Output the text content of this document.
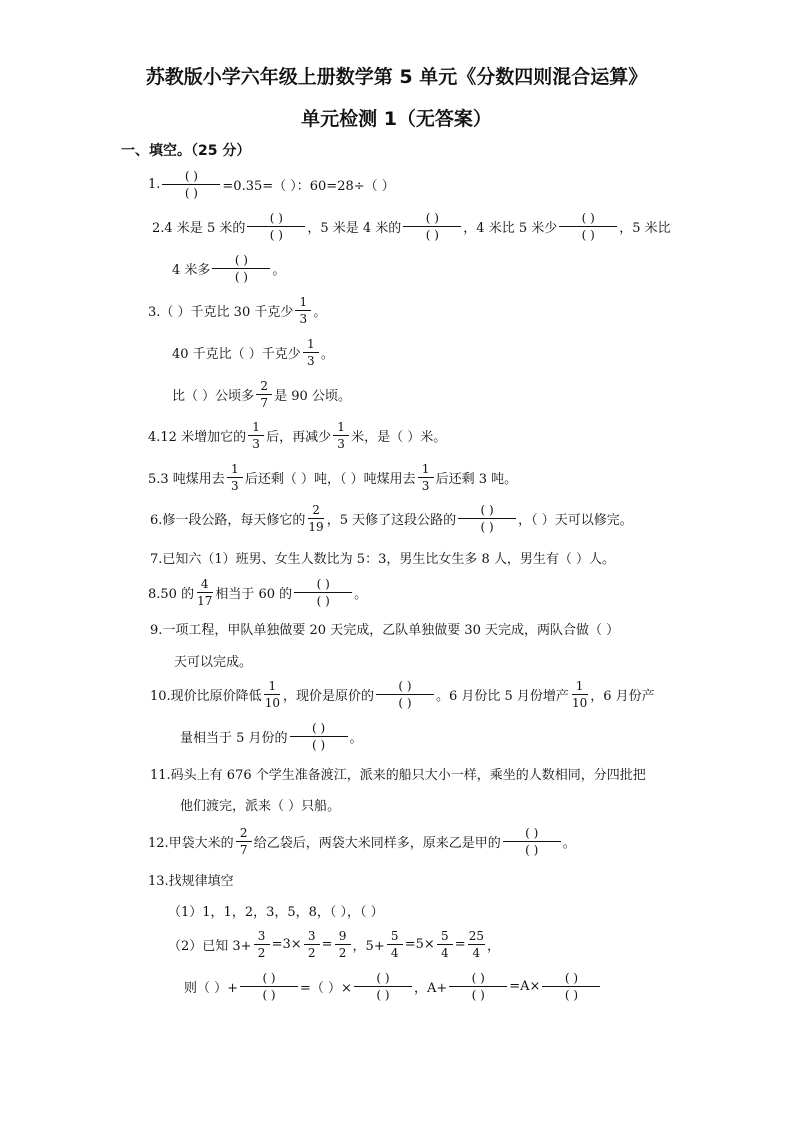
苏教版小学六年级上册数学第 5 单元《分数四则混合运算》
单元检测 1（无答案）
一、填空。（25 分）
1. $\frac{( )}{( )} =0.35=$（ ）：60=28÷（ ）
2.4 米是 5 米的 $\frac{( )}{( )}$ ，5 米是 4 米的 $\frac{( )}{( )}$ ，4 米比 5 米少 $\frac{( )}{( )}$ ，5 米比
4 米多 $\frac{( )}{( )}$ 。
3.（ ）千克比 30 千克少 $\frac{1}{3}$ 。
40 千克比（ ）千克少 $\frac{1}{3}$ 。
比（ ）公顷多 $\frac{2}{7}$ 是 90 公顷。
4.12 米增加它的 $\frac{1}{3}$ 后，再减少 $\frac{1}{3}$ 米，是（ ）米。
5.3 吨煤用去 $\frac{1}{3}$ 后还剩（ ）吨，（ ）吨煤用去 $\frac{1}{3}$ 后还剩 3 吨。
6.修一段公路，每天修它的 $\frac{2}{19}$ ，5 天修了这段公路的 $\frac{( )}{( )}$ ，（ ）天可以修完。
7.已知六（1）班男、女生人数比为 5：3，男生比女生多 8 人，男生有（ ）人。
8.50 的 $\frac{4}{17}$ 相当于 60 的 $\frac{( )}{( )}$ 。
9.一项工程，甲队单独做要 20 天完成，乙队单独做要 30 天完成，两队合做（ ）
天可以完成。
10.现价比原价降低 $\frac{1}{10}$ ，现价是原价的 $\frac{( )}{( )}$ 。6 月份比 5 月份增产 $\frac{1}{10}$ ，6 月份产
量相当于 5 月份的 $\frac{( )}{( )}$ 。
11.码头上有 676 个学生准备渡江，派来的船只大小一样，乘坐的人数相同，分四批把
他们渡完，派来（ ）只船。
12.甲袋大米的 $\frac{2}{7}$ 给乙袋后，两袋大米同样多，原来乙是甲的 $\frac{( )}{( )}$ 。
13.找规律填空
（1）1，1，2，3，5，8，（ ），（ ）
（2）已知 $3+ \frac{3}{2} =3\times \frac{3}{2} = \frac{9}{2}$ ，$5+ \frac{5}{4} =5\times \frac{5}{4} = \frac{25}{4}$ ，
则（ ）+ $\frac{( )}{( )}$ =（ ）× $\frac{( )}{( )}$ ，$A+ \frac{( )}{( )} =A\times \frac{( )}{( )}$
